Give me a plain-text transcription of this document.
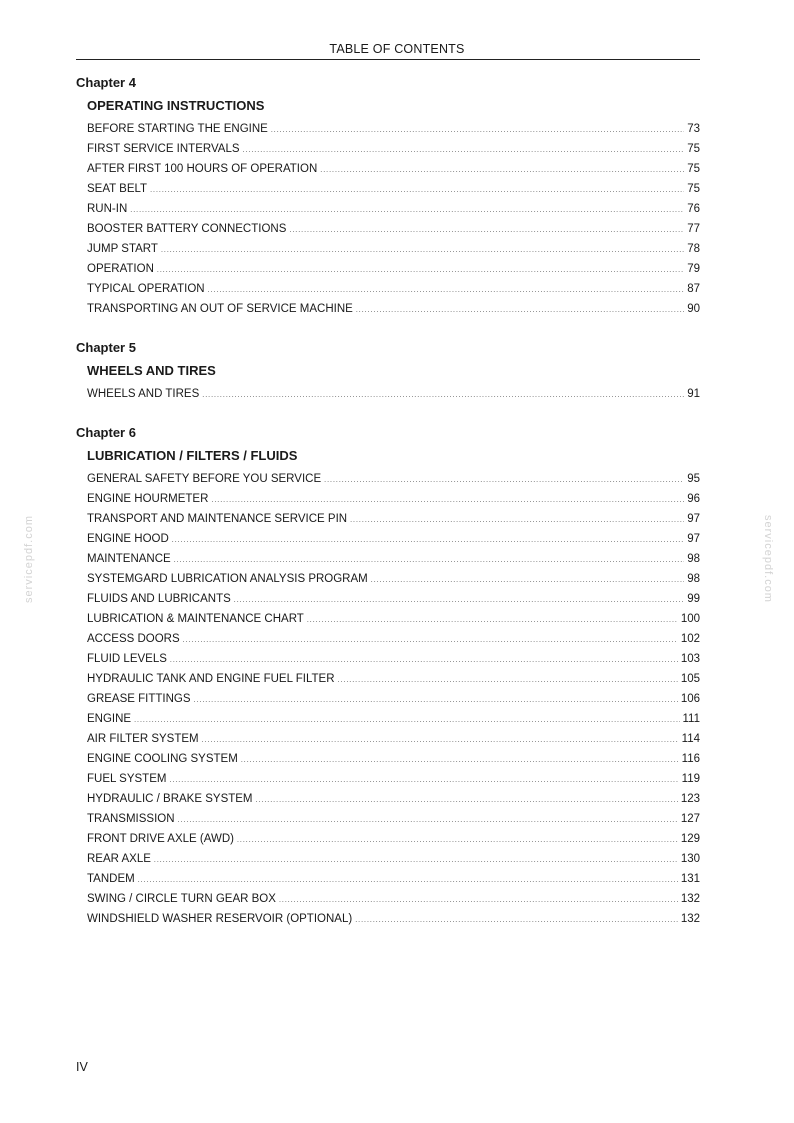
TABLE OF CONTENTS
servicepdf.com	servicepdf.com
Chapter 4
OPERATING INSTRUCTIONS
BEFORE STARTING THE ENGINE .....	73
FIRST SERVICE INTERVALS .....	75
AFTER FIRST 100 HOURS OF OPERATION .....	75
SEAT BELT .....	75
RUN-IN .....	76
BOOSTER BATTERY CONNECTIONS .....	77
JUMP START .....	78
OPERATION .....	79
TYPICAL OPERATION .....	87
TRANSPORTING AN OUT OF SERVICE MACHINE .....	90
Chapter 5
WHEELS AND TIRES
WHEELS AND TIRES .....	91
Chapter 6
LUBRICATION / FILTERS / FLUIDS
GENERAL SAFETY BEFORE YOU SERVICE .....	95
ENGINE HOURMETER .....	96
TRANSPORT AND MAINTENANCE SERVICE PIN .....	97
ENGINE HOOD .....	97
MAINTENANCE .....	98
SYSTEMGARD LUBRICATION ANALYSIS PROGRAM .....	98
FLUIDS AND LUBRICANTS .....	99
LUBRICATION & MAINTENANCE CHART .....	100
ACCESS DOORS .....	102
FLUID LEVELS .....	103
HYDRAULIC TANK AND ENGINE FUEL FILTER .....	105
GREASE FITTINGS .....	106
ENGINE .....	111
AIR FILTER SYSTEM .....	114
ENGINE COOLING SYSTEM .....	116
FUEL SYSTEM .....	119
HYDRAULIC / BRAKE SYSTEM .....	123
TRANSMISSION .....	127
FRONT DRIVE AXLE (AWD) .....	129
REAR AXLE .....	130
TANDEM .....	131
SWING / CIRCLE TURN GEAR BOX .....	132
WINDSHIELD WASHER RESERVOIR (OPTIONAL) .....	132
IV
